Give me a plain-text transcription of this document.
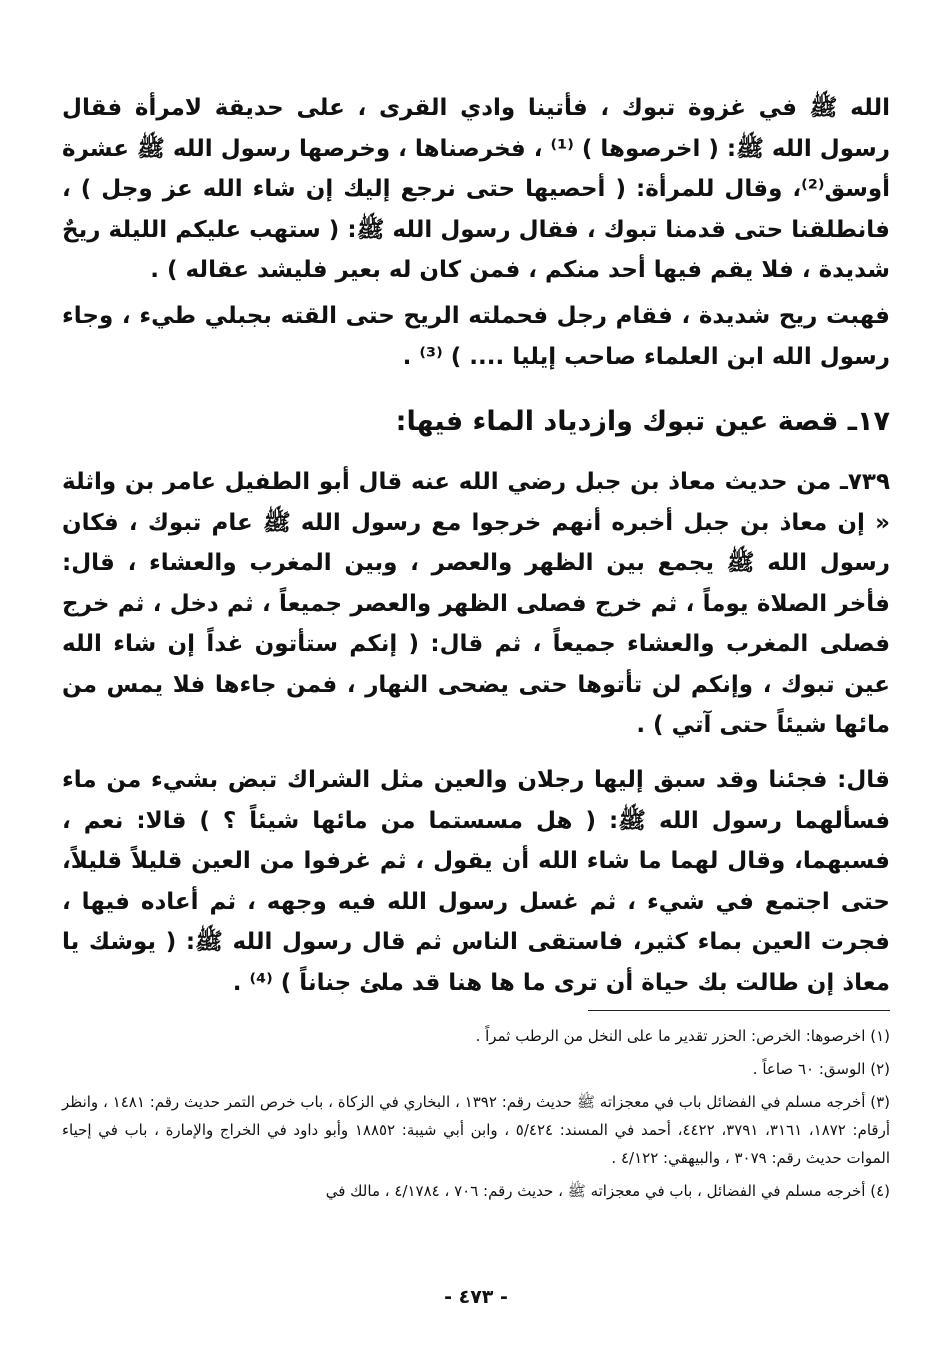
الله ﷺ في غزوة تبوك ، فأتينا وادي القرى ، على حديقة لامرأة فقال رسول الله ﷺ: ( اخرصوها ) ⁽¹⁾ ، فخرصناها ، وخرصها رسول الله ﷺ عشرة أوسق⁽²⁾، وقال للمرأة: ( أحصيها حتى نرجع إليك إن شاء الله عز وجل ) ، فانطلقنا حتى قدمنا تبوك ، فقال رسول الله ﷺ: ( ستهب عليكم الليلة ريحٌ شديدة ، فلا يقم فيها أحد منكم ، فمن كان له بعير فليشد عقاله ) .

فهبت ريح شديدة ، فقام رجل فحملته الريح حتى القته بجبلي طيء ، وجاء رسول الله ابن العلماء صاحب إيليا .... ) ⁽³⁾ .

١٧ـ قصة عين تبوك وازدياد الماء فيها:

٧٣٩ـ من حديث معاذ بن جبل رضي الله عنه قال أبو الطفيل عامر بن واثلة « إن معاذ بن جبل أخبره أنهم خرجوا مع رسول الله ﷺ عام تبوك ، فكان رسول الله ﷺ يجمع بين الظهر والعصر ، وبين المغرب والعشاء ، قال: فأخر الصلاة يوماً ، ثم خرج فصلى الظهر والعصر جميعاً ، ثم دخل ، ثم خرج فصلى المغرب والعشاء جميعاً ، ثم قال: ( إنكم ستأتون غداً إن شاء الله عين تبوك ، وإنكم لن تأتوها حتى يضحى النهار ، فمن جاءها فلا يمس من مائها شيئاً حتى آتي ) .

قال: فجئنا وقد سبق إليها رجلان والعين مثل الشراك تبض بشيء من ماء فسألهما رسول الله ﷺ: ( هل مسستما من مائها شيئاً ؟ ) قالا: نعم ، فسبهما، وقال لهما ما شاء الله أن يقول ، ثم غرفوا من العين قليلاً قليلاً، حتى اجتمع في شيء ، ثم غسل رسول الله فيه وجهه ، ثم أعاده فيها ، فجرت العين بماء كثير، فاستقى الناس ثم قال رسول الله ﷺ: ( يوشك يا معاذ إن طالت بك حياة أن ترى ما ها هنا قد ملئ جناناً ) ⁽⁴⁾ .

(١) اخرصوها: الخرص: الحزر تقدير ما على النخل من الرطب ثمراً .

(٢) الوسق: ٦٠ صاعاً .

(٣) أخرجه مسلم في الفضائل باب في معجزاته ﷺ حديث رقم: ١٣٩٢ ، البخاري في الزكاة ، باب خرص التمر حديث رقم: ١٤٨١ ، وانظر أرقام: ١٨٧٢، ٣١٦١، ٣٧٩١، ٤٤٢٢، أحمد في المسند: ٥/٤٢٤ ، وابن أبي شيبة: ١٨٨٥٢ وأبو داود في الخراج والإمارة ، باب في إحياء الموات حديث رقم: ٣٠٧٩ ، والبيهقي: ٤/١٢٢ .

(٤) أخرجه مسلم في الفضائل ، باب في معجزاته ﷺ ، حديث رقم: ٧٠٦ ، ٤/١٧٨٤ ، مالك في

- ٤٧٣ -
